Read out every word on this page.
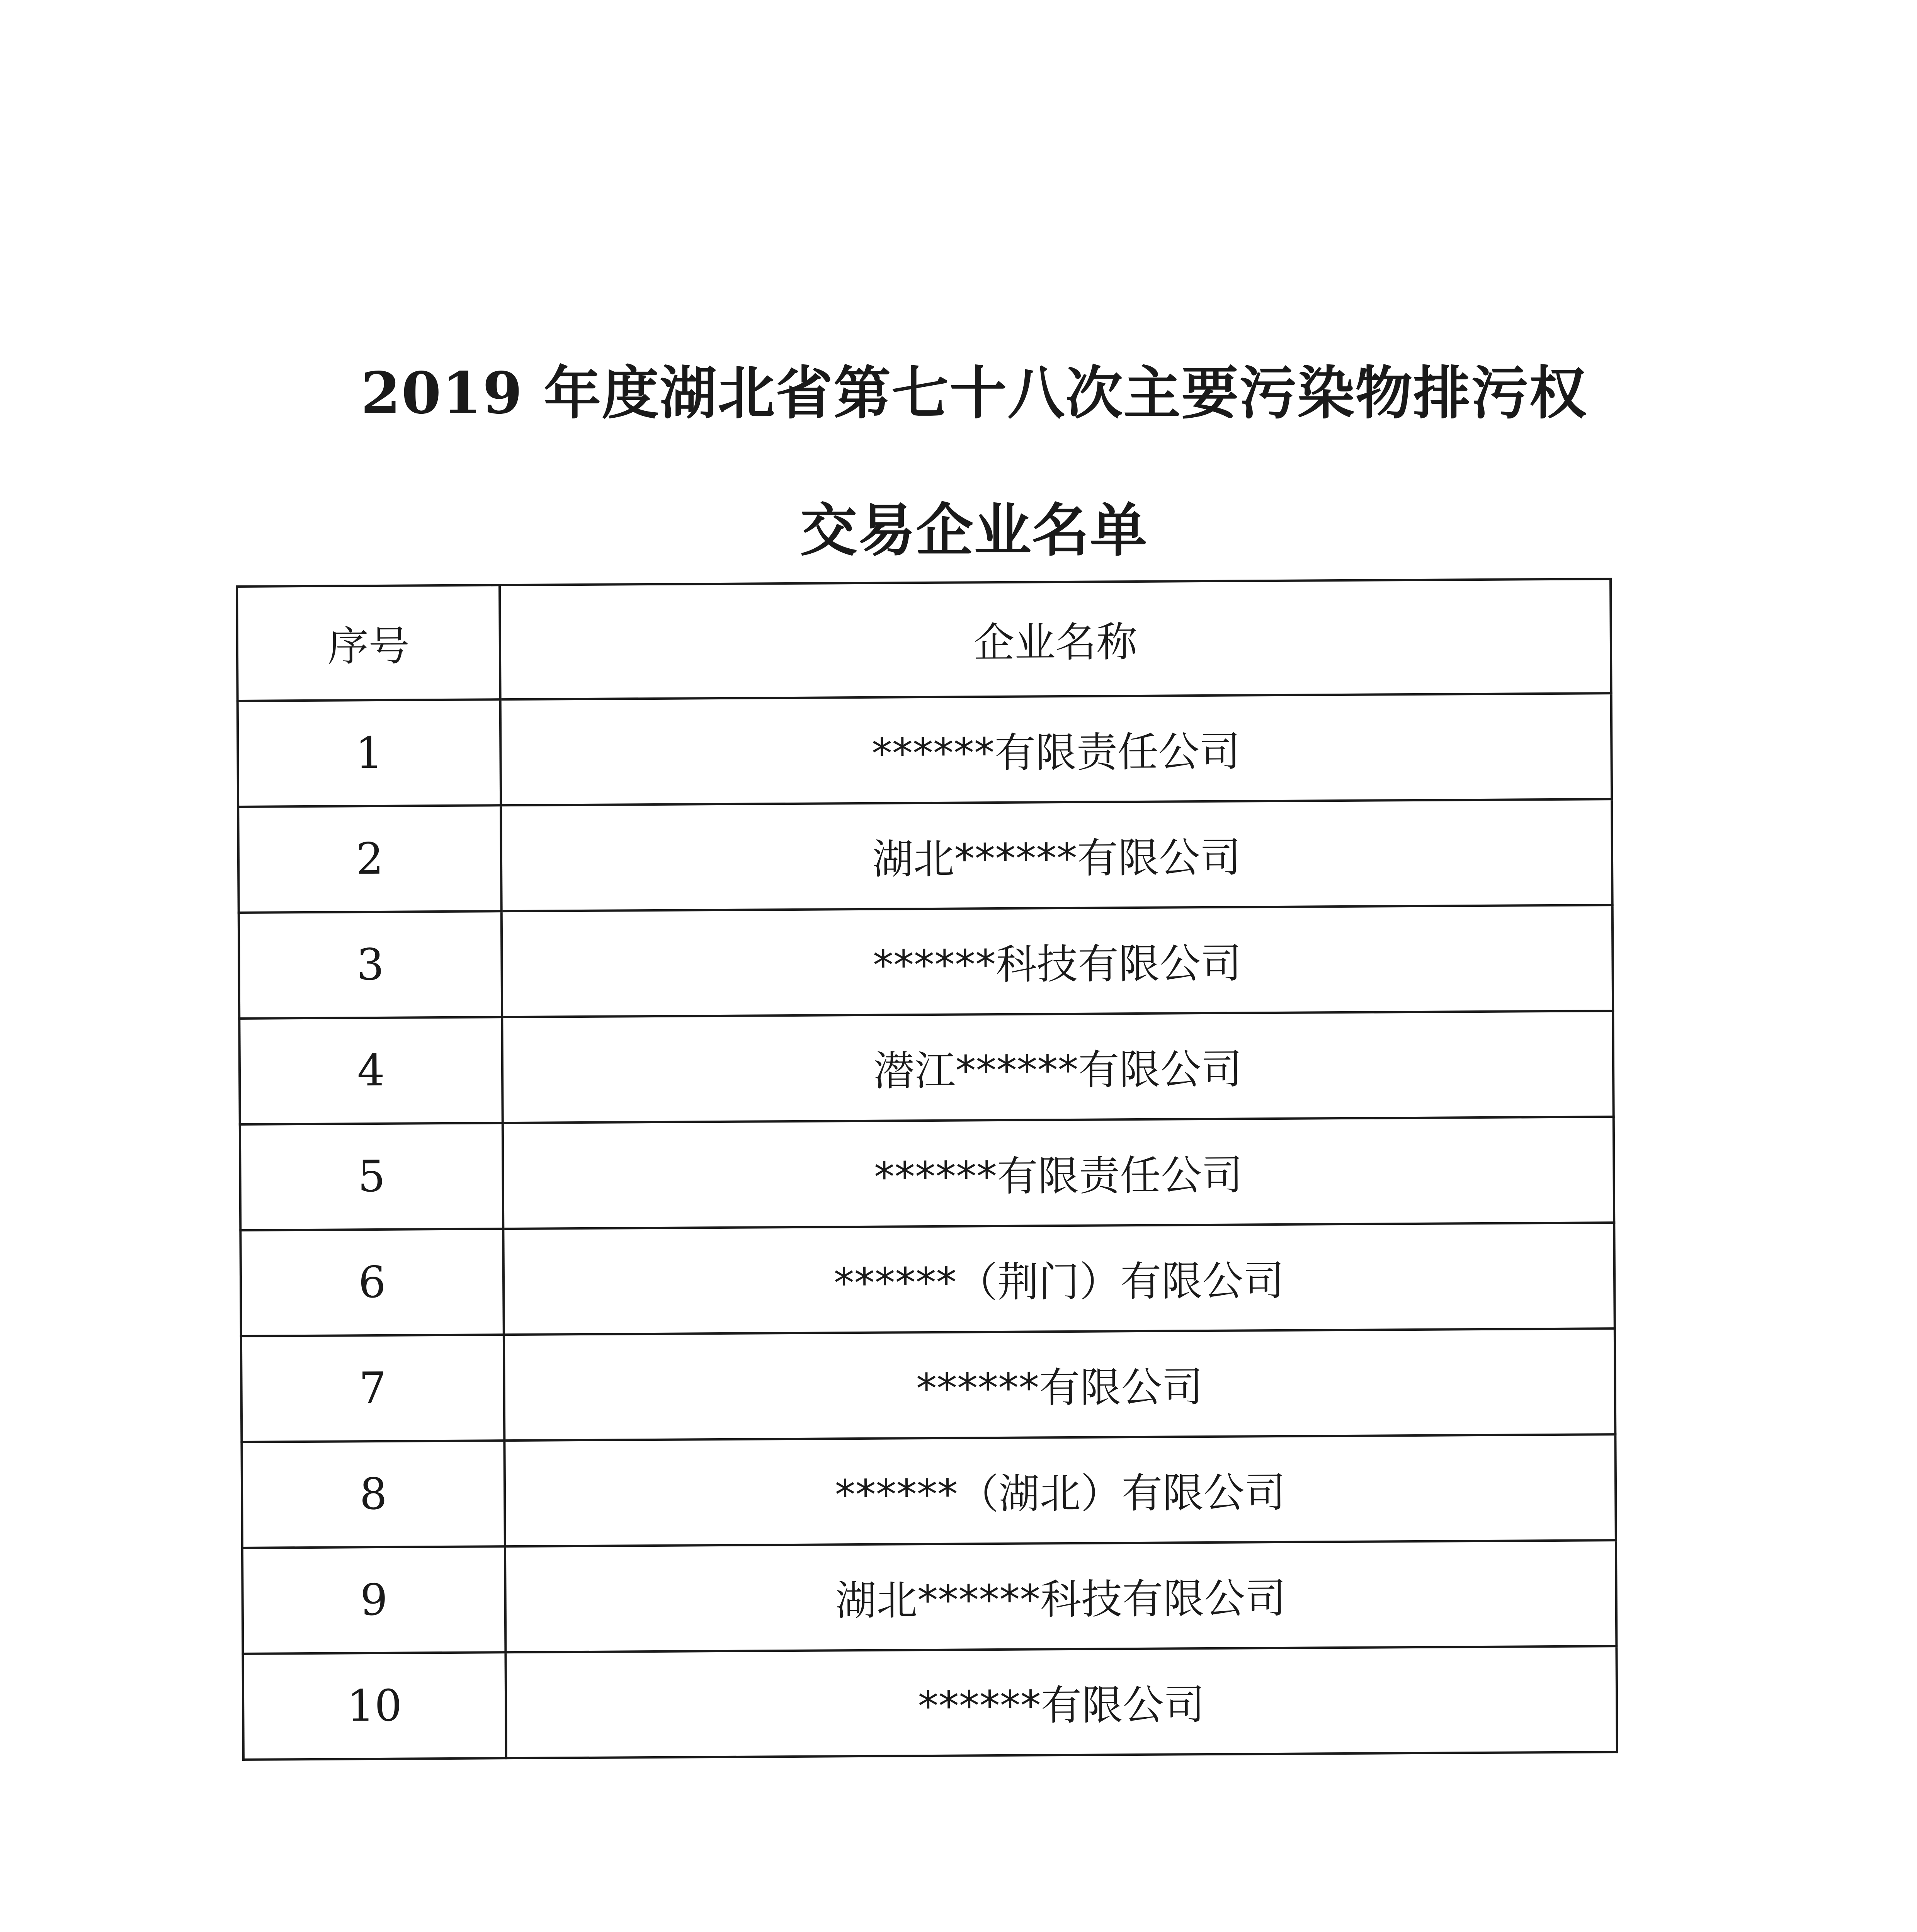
2019 年度湖北省第七十八次主要污染物排污权
交易企业名单
序号	企业名称
1	******有限责任公司
2	湖北******有限公司
3	******科技有限公司
4	潜江******有限公司
5	******有限责任公司
6	******（荆门）有限公司
7	******有限公司
8	******（湖北）有限公司
9	湖北******科技有限公司
10	******有限公司
